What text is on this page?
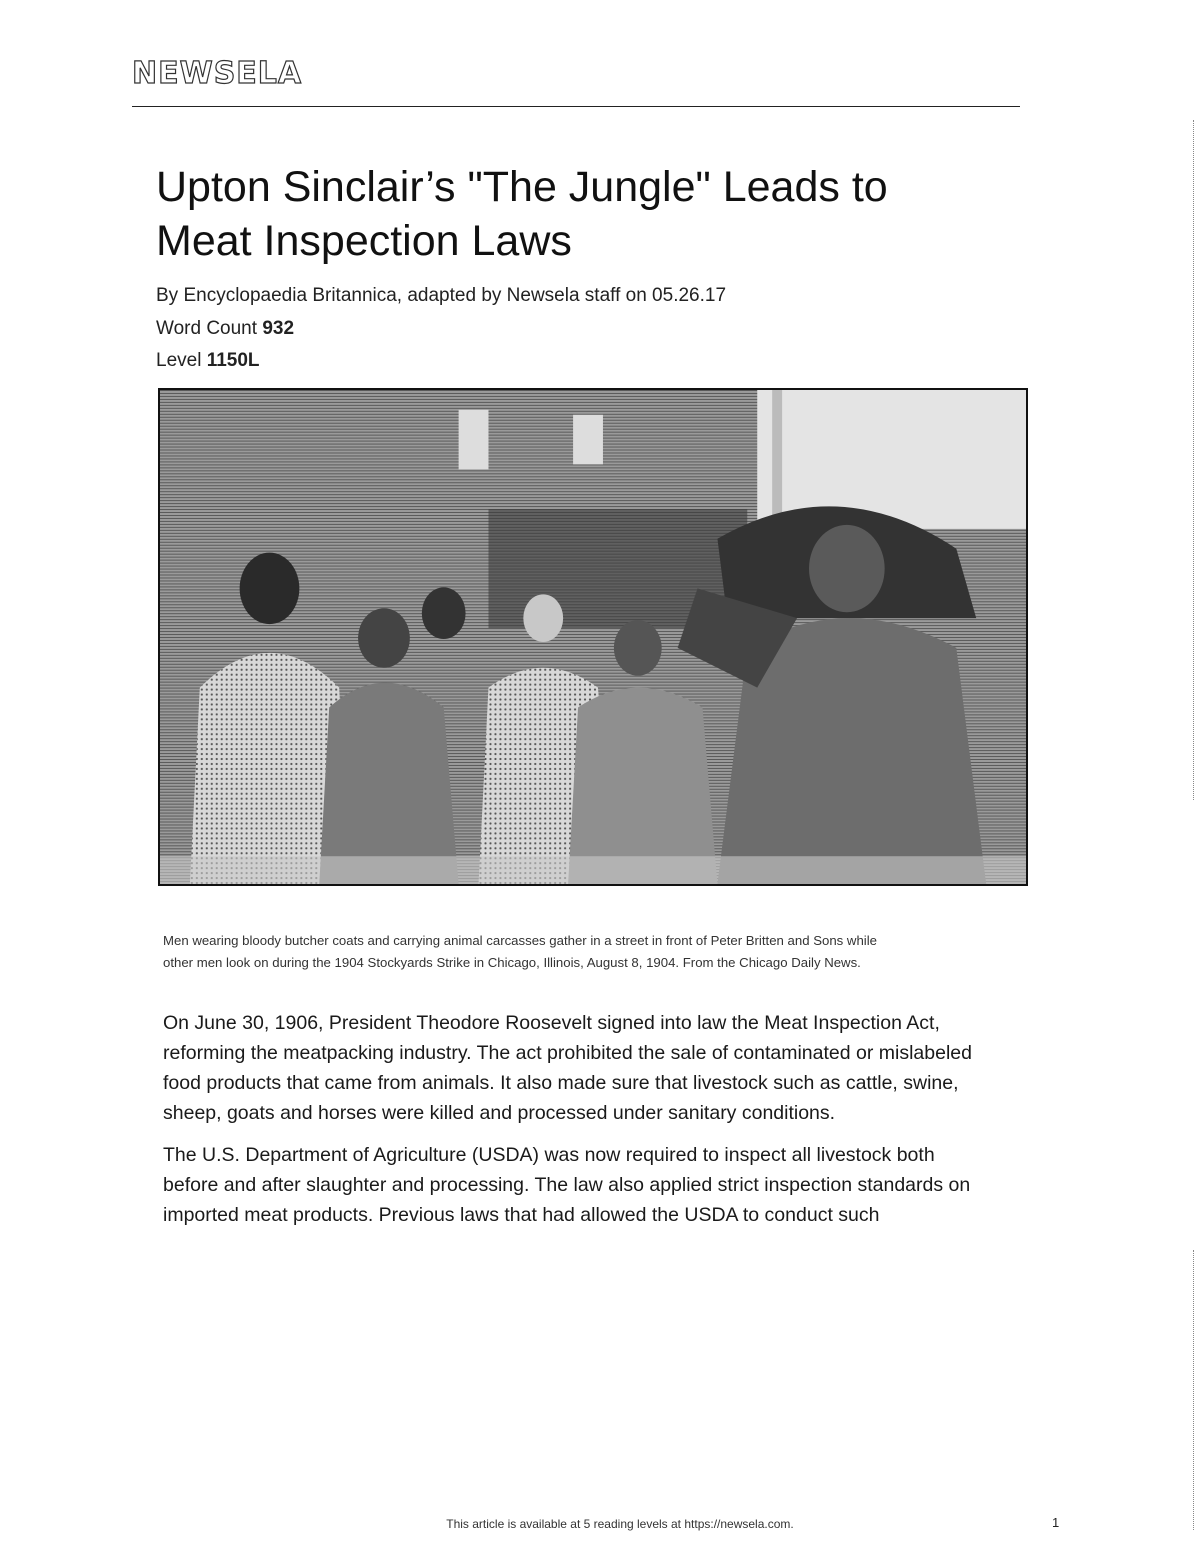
NEWSELA
Upton Sinclair’s "The Jungle" Leads to
Meat Inspection Laws
By Encyclopaedia Britannica, adapted by Newsela staff on 05.26.17
Word Count 932
Level 1150L
Men wearing bloody butcher coats and carrying animal carcasses gather in a street in front of Peter Britten and Sons while
other men look on during the 1904 Stockyards Strike in Chicago, Illinois, August 8, 1904. From the Chicago Daily News.

On June 30, 1906, President Theodore Roosevelt signed into law the Meat Inspection Act,
reforming the meatpacking industry. The act prohibited the sale of contaminated or mislabeled
food products that came from animals. It also made sure that livestock such as cattle, swine,
sheep, goats and horses were killed and processed under sanitary conditions.

The U.S. Department of Agriculture (USDA) was now required to inspect all livestock both
before and after slaughter and processing. The law also applied strict inspection standards on
imported meat products. Previous laws that had allowed the USDA to conduct such

This article is available at 5 reading levels at https://newsela.com.	1
